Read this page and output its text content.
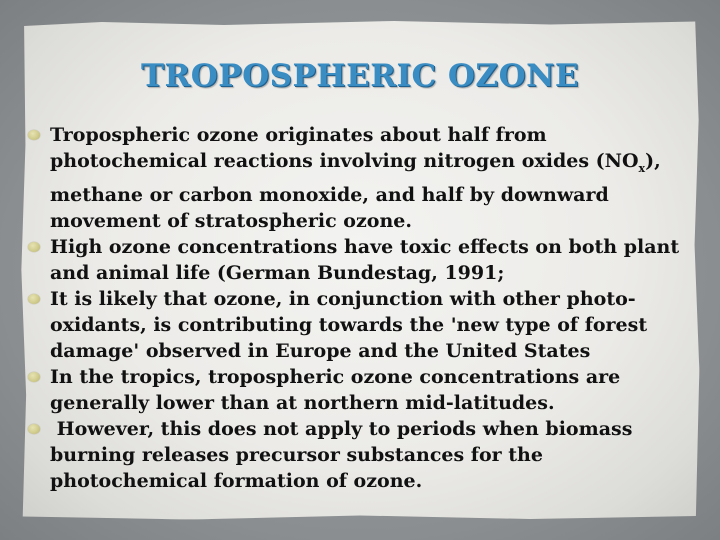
TROPOSPHERIC OZONE
Tropospheric ozone originates about half from photochemical reactions involving nitrogen oxides $(NO_x)$, methane or carbon monoxide, and half by downward movement of stratospheric ozone.
High ozone concentrations have toxic effects on both plant and animal life (German Bundestag, 1991;
It is likely that ozone, in conjunction with other photo-oxidants, is contributing towards the 'new type of forest damage' observed in Europe and the United States
In the tropics, tropospheric ozone concentrations are generally lower than at northern mid-latitudes.
However, this does not apply to periods when biomass burning releases precursor substances for the photochemical formation of ozone.
